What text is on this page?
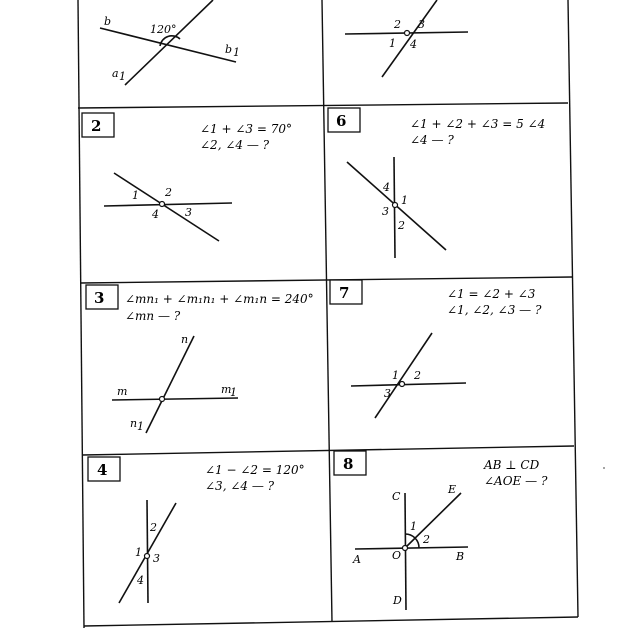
b
b 1
a 1
120°	2 3
1 4
2	∠1 + ∠3 = 70°
∠2, ∠4 — ?
1 2
3
4
6	∠1 + ∠2 + ∠3 = 5 ∠4
∠4 — ?
4
1
3
2
3 ∠mn₁ + ∠m₁n₁ + ∠m₁n = 240°
∠mn — ?
m	m
1
n
n 1
7	∠1 = ∠2 + ∠3
∠1, ∠2, ∠3 — ?
1 2
3
4	∠1 − ∠2 = 120°
∠3, ∠4 — ?
2
1 3
4
8	AB ⊥ CD
∠AOE — ?
A	B
C
D
E
O
1
2
